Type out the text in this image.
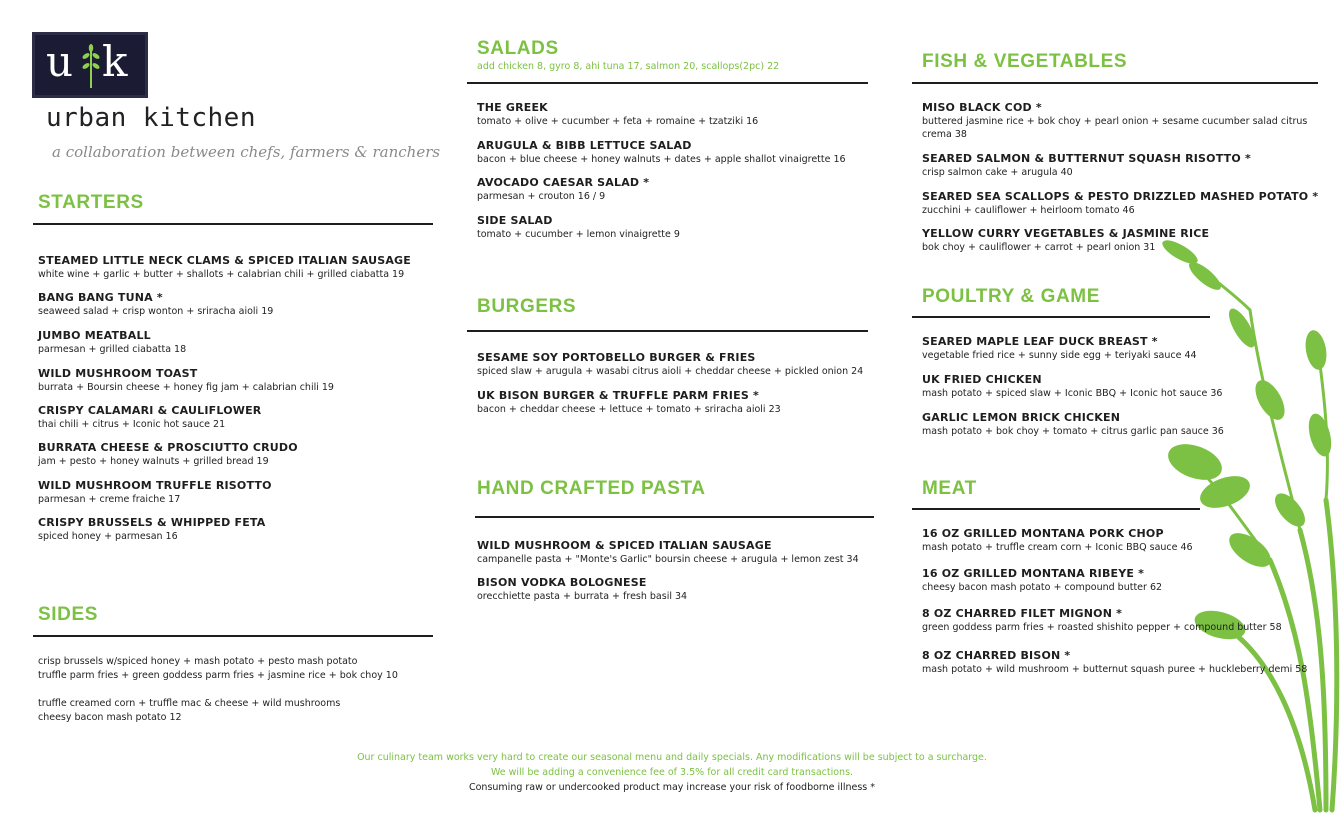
u k
urban kitchen
a collaboration between chefs, farmers & ranchers
STARTERS
STEAMED LITTLE NECK CLAMS & SPICED ITALIAN SAUSAGE
white wine + garlic + butter + shallots + calabrian chili + grilled ciabatta 19
BANG BANG TUNA *
seaweed salad + crisp wonton + sriracha aioli 19
JUMBO MEATBALL
parmesan + grilled ciabatta 18
WILD MUSHROOM TOAST
burrata + Boursin cheese + honey fig jam + calabrian chili 19
CRISPY CALAMARI & CAULIFLOWER
thai chili + citrus + Iconic hot sauce 21
BURRATA CHEESE & PROSCIUTTO CRUDO
jam + pesto + honey walnuts + grilled bread 19
WILD MUSHROOM TRUFFLE RISOTTO
parmesan + creme fraiche 17
CRISPY BRUSSELS & WHIPPED FETA
spiced honey + parmesan 16
SIDES
crisp brussels w/spiced honey + mash potato + pesto mash potato
truffle parm fries + green goddess parm fries + jasmine rice + bok choy 10
truffle creamed corn + truffle mac & cheese + wild mushrooms
cheesy bacon mash potato 12
SALADS
add chicken 8, gyro 8, ahi tuna 17, salmon 20, scallops(2pc) 22
THE GREEK
tomato + olive + cucumber + feta + romaine + tzatziki 16
ARUGULA & BIBB LETTUCE SALAD
bacon + blue cheese + honey walnuts + dates + apple shallot vinaigrette 16
AVOCADO CAESAR SALAD *
parmesan + crouton 16 / 9
SIDE SALAD
tomato + cucumber + lemon vinaigrette 9
BURGERS
SESAME SOY PORTOBELLO BURGER & FRIES
spiced slaw + arugula + wasabi citrus aioli + cheddar cheese + pickled onion 24
UK BISON BURGER & TRUFFLE PARM FRIES *
bacon + cheddar cheese + lettuce + tomato + sriracha aioli 23
HAND CRAFTED PASTA
WILD MUSHROOM & SPICED ITALIAN SAUSAGE
campanelle pasta + "Monte's Garlic" boursin cheese + arugula + lemon zest 34
BISON VODKA BOLOGNESE
orecchiette pasta + burrata + fresh basil 34
FISH & VEGETABLES
MISO BLACK COD *
buttered jasmine rice + bok choy + pearl onion + sesame cucumber salad citrus
crema 38
SEARED SALMON & BUTTERNUT SQUASH RISOTTO *
crisp salmon cake + arugula 40
SEARED SEA SCALLOPS & PESTO DRIZZLED MASHED POTATO *
zucchini + cauliflower + heirloom tomato 46
YELLOW CURRY VEGETABLES & JASMINE RICE
bok choy + cauliflower + carrot + pearl onion 31
POULTRY & GAME
SEARED MAPLE LEAF DUCK BREAST *
vegetable fried rice + sunny side egg + teriyaki sauce 44
UK FRIED CHICKEN
mash potato + spiced slaw + Iconic BBQ + Iconic hot sauce 36
GARLIC LEMON BRICK CHICKEN
mash potato + bok choy + tomato + citrus garlic pan sauce 36
MEAT
16 OZ GRILLED MONTANA PORK CHOP
mash potato + truffle cream corn + Iconic BBQ sauce 46
16 OZ GRILLED MONTANA RIBEYE *
cheesy bacon mash potato + compound butter 62
8 OZ CHARRED FILET MIGNON *
green goddess parm fries + roasted shishito pepper + compound butter 58
8 OZ CHARRED BISON *
mash potato + wild mushroom + butternut squash puree + huckleberry demi 58
Our culinary team works very hard to create our seasonal menu and daily specials. Any modifications will be subject to a surcharge.
We will be adding a convenience fee of 3.5% for all credit card transactions.
Consuming raw or undercooked product may increase your risk of foodborne illness *
